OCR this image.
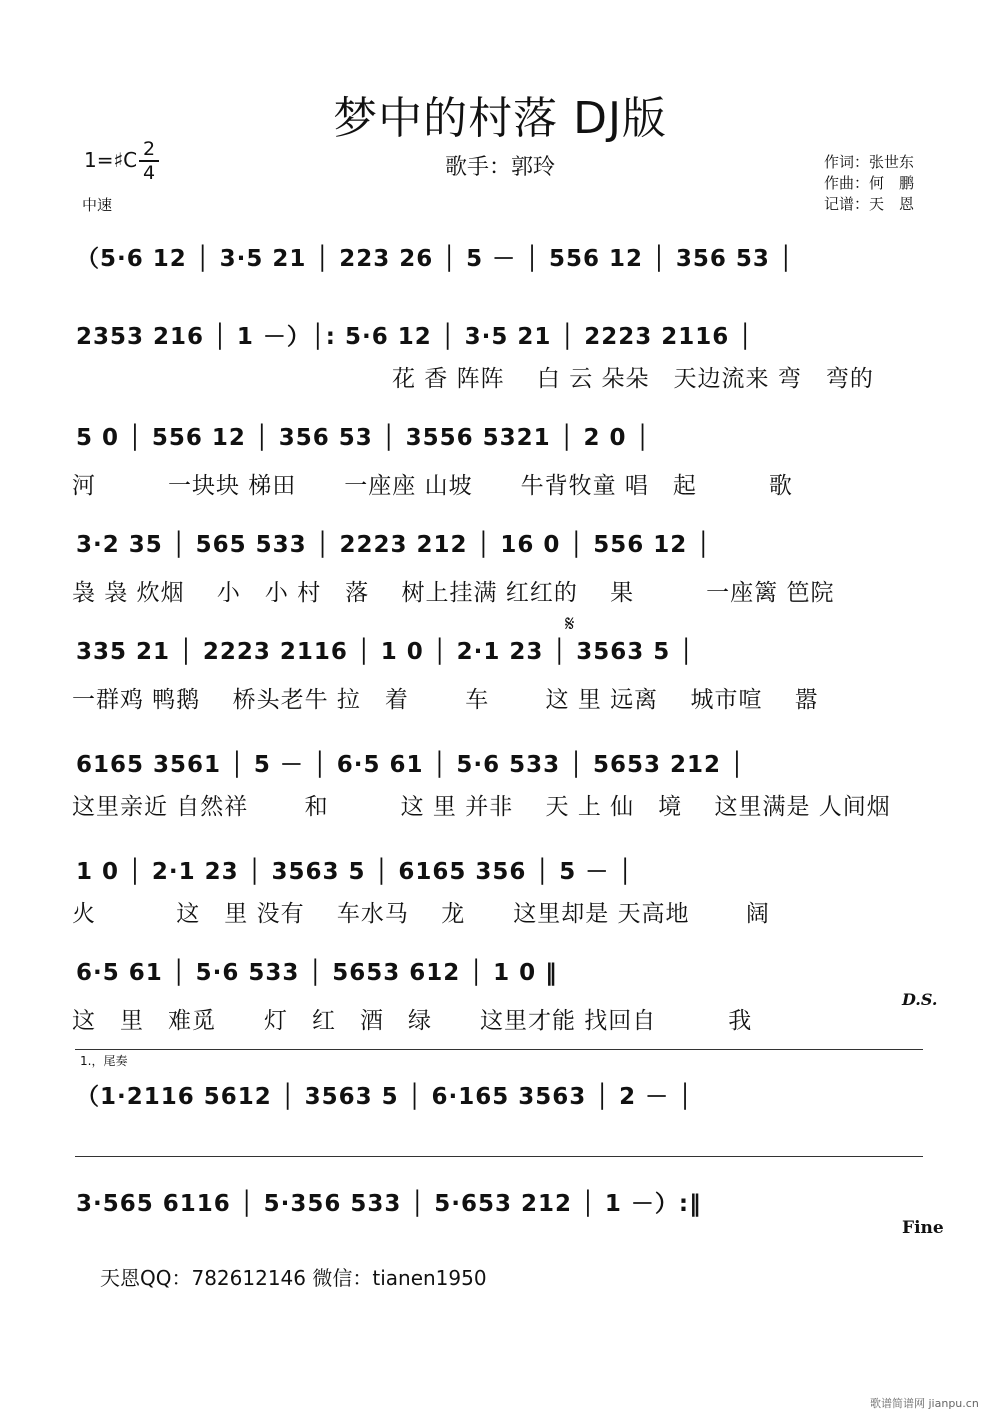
梦中的村落 DJ版
1=♯C 2
4
中速
歌手：郭玲	作词：张世东
作曲：何　鹏
记谱：天　恩
（5·6 12 │ 3·5 21 │ 223 26 │ 5 － │ 556 12 │ 356 53 │
2353 216 │ 1 －）│: 5·6 12 │ 3·5 21 │ 2223 2116 │
花 香 阵阵　 白 云 朵朵　天边流来 弯　弯的
5 0 │ 556 12 │ 356 53 │ 3556 5321 │ 2 0 │
河　　　一块块 梯田　　一座座 山坡　　牛背牧童 唱　起　　　歌
3·2 35 │ 565 533 │ 2223 212 │ 16 0 │ 556 12 │
袅 袅 炊烟　 小　小 村　落　 树上挂满 红红的　 果　　　一座篱 笆院
𝄋
335 21 │ 2223 2116 │ 1 0 │ 2·1 23 │ 3563 5 │
一群鸡 鸭鹅　 桥头老牛 拉　着　　 车　　 这 里 远离　 城市喧　 嚣
6165 3561 │ 5 － │ 6·5 61 │ 5·6 533 │ 5653 212 │
这里亲近 自然祥　　 和　　　这 里 并非　 天 上 仙　境　 这里满是 人间烟
1 0 │ 2·1 23 │ 3563 5 │ 6165 356 │ 5 － │
火　　　 这　里 没有　 车水马　 龙　　这里却是 天高地　　 阔
6·5 61 │ 5·6 533 │ 5653 612 │ 1 0 ‖
这　里　难觅　　灯　红　酒　绿　　这里才能 找回自　　　我
D.S.
1.，尾奏
（1·2116 5612 │ 3563 5 │ 6·165 3563 │ 2 － │
3·565 6116 │ 5·356 533 │ 5·653 212 │ 1 －）:‖
Fine
天恩QQ：782612146 微信：tianen1950
歌谱简谱网 jianpu.cn
